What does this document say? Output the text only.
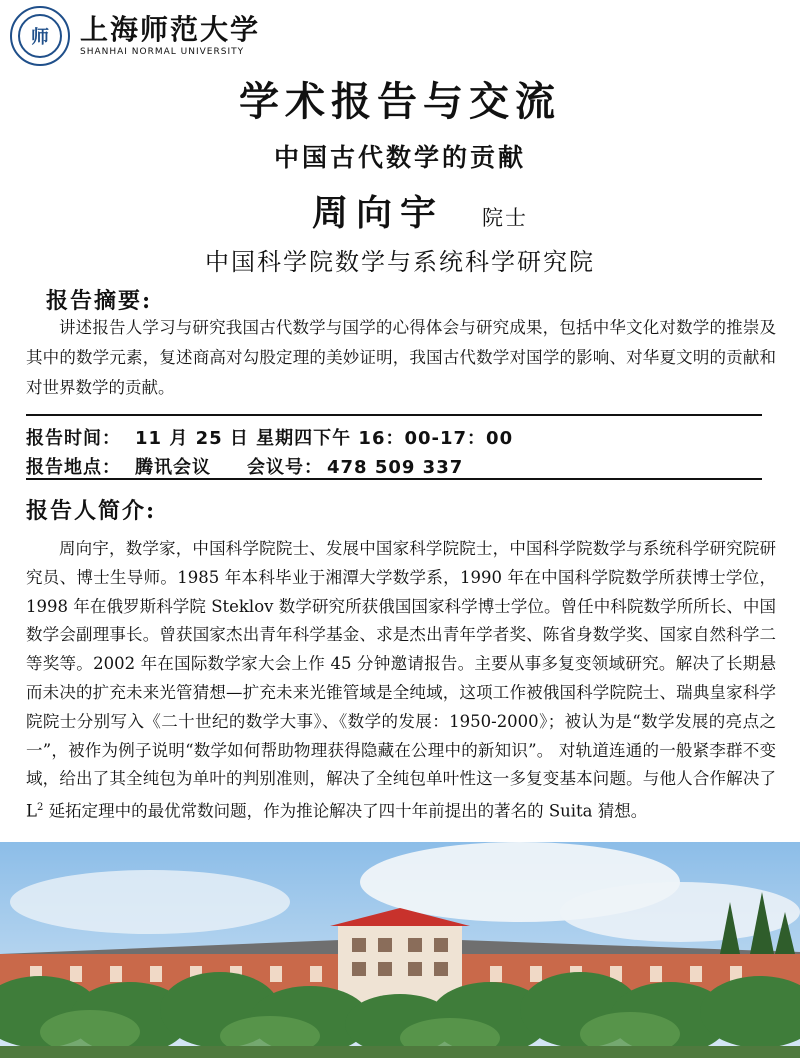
师	上海师范大学
SHANHAI NORMAL UNIVERSITY
学术报告与交流
中国古代数学的贡献
周向宇 院士
中国科学院数学与系统科学研究院
报告摘要:
讲述报告人学习与研究我国古代数学与国学的心得体会与研究成果，包括中华文化对数学的推崇及其中的数学元素，复述商高对勾股定理的美妙证明，我国古代数学对国学的影响、对华夏文明的贡献和对世界数学的贡献。
报告时间： 11 月 25 日 星期四下午 16：00-17：00
报告地点： 腾讯会议 会议号： 478 509 337
报告人简介:
周向宇，数学家，中国科学院院士、发展中国家科学院院士，中国科学院数学与系统科学研究院研究员、博士生导师。1985 年本科毕业于湘潭大学数学系，1990 年在中国科学院数学所获博士学位，1998 年在俄罗斯科学院 Steklov 数学研究所获俄国国家科学博士学位。曾任中科院数学所所长、中国数学会副理事长。曾获国家杰出青年科学基金、求是杰出青年学者奖、陈省身数学奖、国家自然科学二等奖等。2002 年在国际数学家大会上作 45 分钟邀请报告。主要从事多复变领域研究。解决了长期悬而未决的扩充未来光管猜想—扩充未来光锥管域是全纯域，这项工作被俄国科学院院士、瑞典皇家科学院院士分别写入《二十世纪的数学大事》、《数学的发展：1950-2000》；被认为是“数学发展的亮点之一”，被作为例子说明“数学如何帮助物理获得隐藏在公理中的新知识”。 对轨道连通的一般紧李群不变域，给出了其全纯包为单叶的判别准则，解决了全纯包单叶性这一多复变基本问题。与他人合作解决了 $L^2$ 延拓定理中的最优常数问题，作为推论解决了四十年前提出的著名的 Suita 猜想。
